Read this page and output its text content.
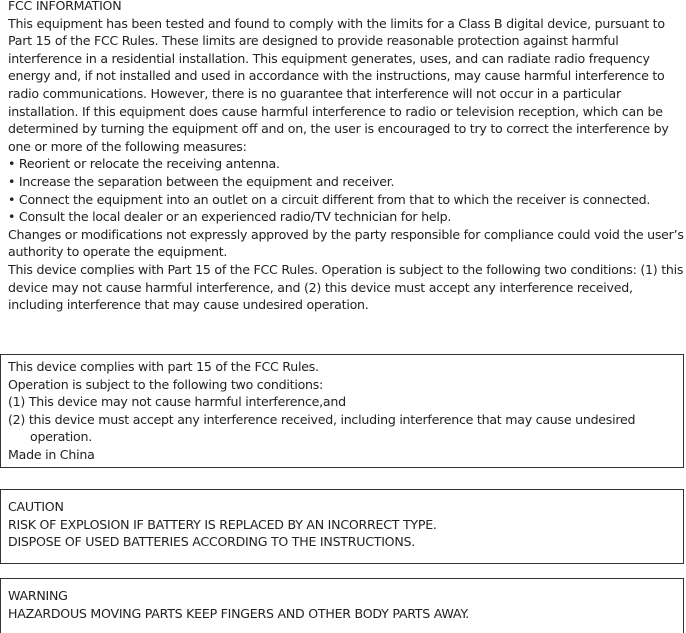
FCC INFORMATION

This equipment has been tested and found to comply with the limits for a Class B digital device, pursuant to Part 15 of the FCC Rules. These limits are designed to provide reasonable protection against harmful interference in a residential installation. This equipment generates, uses, and can radiate radio frequency energy and, if not installed and used in accordance with the instructions, may cause harmful interference to radio communications. However, there is no guarantee that interference will not occur in a particular installation. If this equipment does cause harmful interference to radio or television reception, which can be determined by turning the equipment off and on, the user is encouraged to try to correct the interference by one or more of the following measures:

• Reorient or relocate the receiving antenna.

• Increase the separation between the equipment and receiver.

• Connect the equipment into an outlet on a circuit different from that to which the receiver is connected.

• Consult the local dealer or an experienced radio/TV technician for help.

Changes or modifications not expressly approved by the party responsible for compliance could void the user’s authority to operate the equipment.

This device complies with Part 15 of the FCC Rules. Operation is subject to the following two conditions: (1) this device may not cause harmful interference, and (2) this device must accept any interference received, including interference that may cause undesired operation.

This device complies with part 15 of the FCC Rules.

Operation is subject to the following two conditions:

(1) This device may not cause harmful interference,and

(2) this device must accept any interference received, including interference that may cause undesired operation.

Made in China

CAUTION

RISK OF EXPLOSION IF BATTERY IS REPLACED BY AN INCORRECT TYPE.

DISPOSE OF USED BATTERIES ACCORDING TO THE INSTRUCTIONS.

WARNING

HAZARDOUS MOVING PARTS KEEP FINGERS AND OTHER BODY PARTS AWAY.
